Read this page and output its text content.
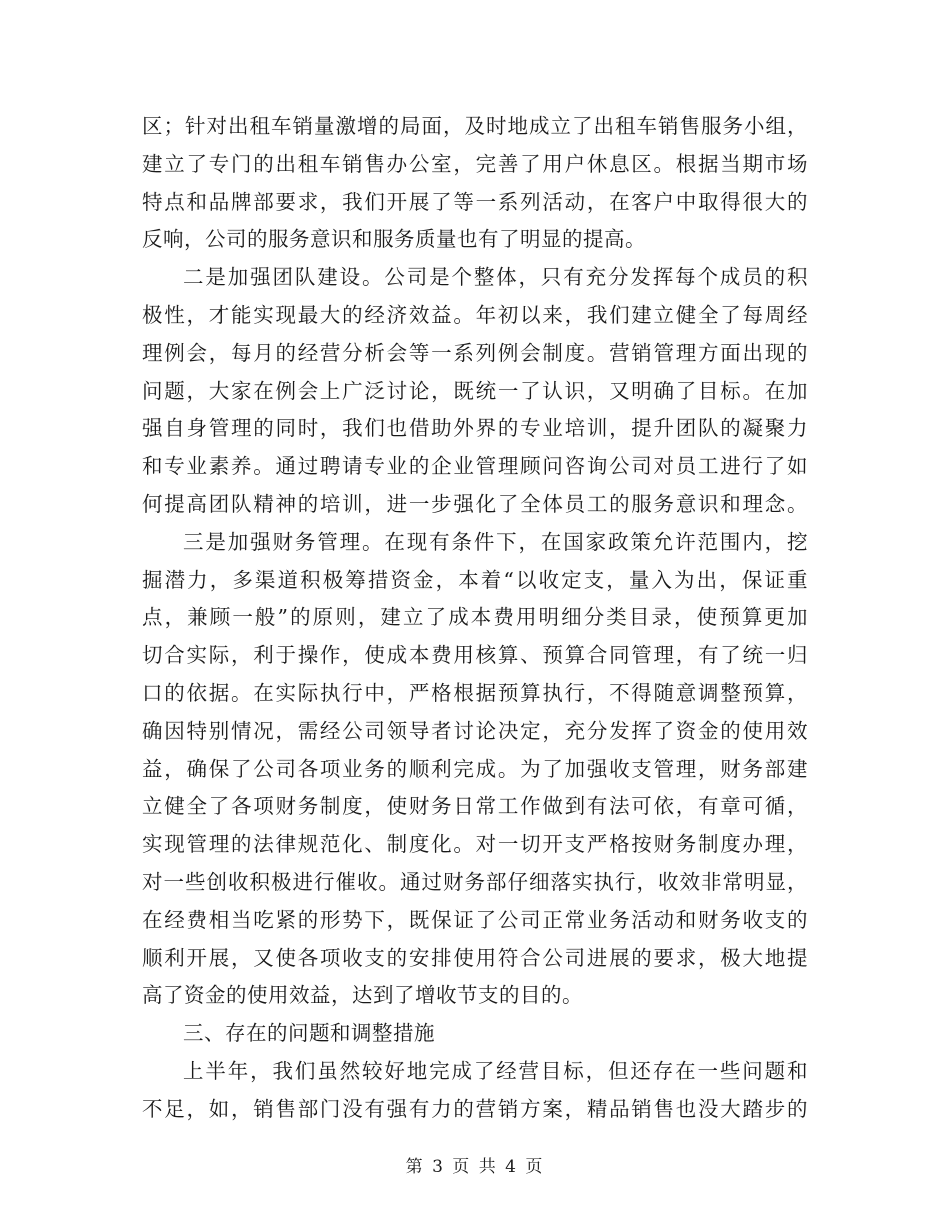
区；针对出租车销量激增的局面，及时地成立了出租车销售服务小组，
建立了专门的出租车销售办公室，完善了用户休息区。根据当期市场
特点和品牌部要求，我们开展了等一系列活动，在客户中取得很大的
反响，公司的服务意识和服务质量也有了明显的提高。
二是加强团队建设。公司是个整体，只有充分发挥每个成员的积
极性，才能实现最大的经济效益。年初以来，我们建立健全了每周经
理例会，每月的经营分析会等一系列例会制度。营销管理方面出现的
问题，大家在例会上广泛讨论，既统一了认识，又明确了目标。在加
强自身管理的同时，我们也借助外界的专业培训，提升团队的凝聚力
和专业素养。通过聘请专业的企业管理顾问咨询公司对员工进行了如
何提高团队精神的培训，进一步强化了全体员工的服务意识和理念。
三是加强财务管理。在现有条件下，在国家政策允许范围内，挖
掘潜力，多渠道积极筹措资金，本着“以收定支，量入为出，保证重
点，兼顾一般”的原则，建立了成本费用明细分类目录，使预算更加
切合实际，利于操作，使成本费用核算、预算合同管理，有了统一归
口的依据。在实际执行中，严格根据预算执行，不得随意调整预算，
确因特别情况，需经公司领导者讨论决定，充分发挥了资金的使用效
益，确保了公司各项业务的顺利完成。为了加强收支管理，财务部建
立健全了各项财务制度，使财务日常工作做到有法可依，有章可循，
实现管理的法律规范化、制度化。对一切开支严格按财务制度办理，
对一些创收积极进行催收。通过财务部仔细落实执行，收效非常明显，
在经费相当吃紧的形势下，既保证了公司正常业务活动和财务收支的
顺利开展，又使各项收支的安排使用符合公司进展的要求，极大地提
高了资金的使用效益，达到了增收节支的目的。
三、存在的问题和调整措施
上半年，我们虽然较好地完成了经营目标，但还存在一些问题和
不足，如，销售部门没有强有力的营销方案，精品销售也没大踏步的
第 3 页 共 4 页
